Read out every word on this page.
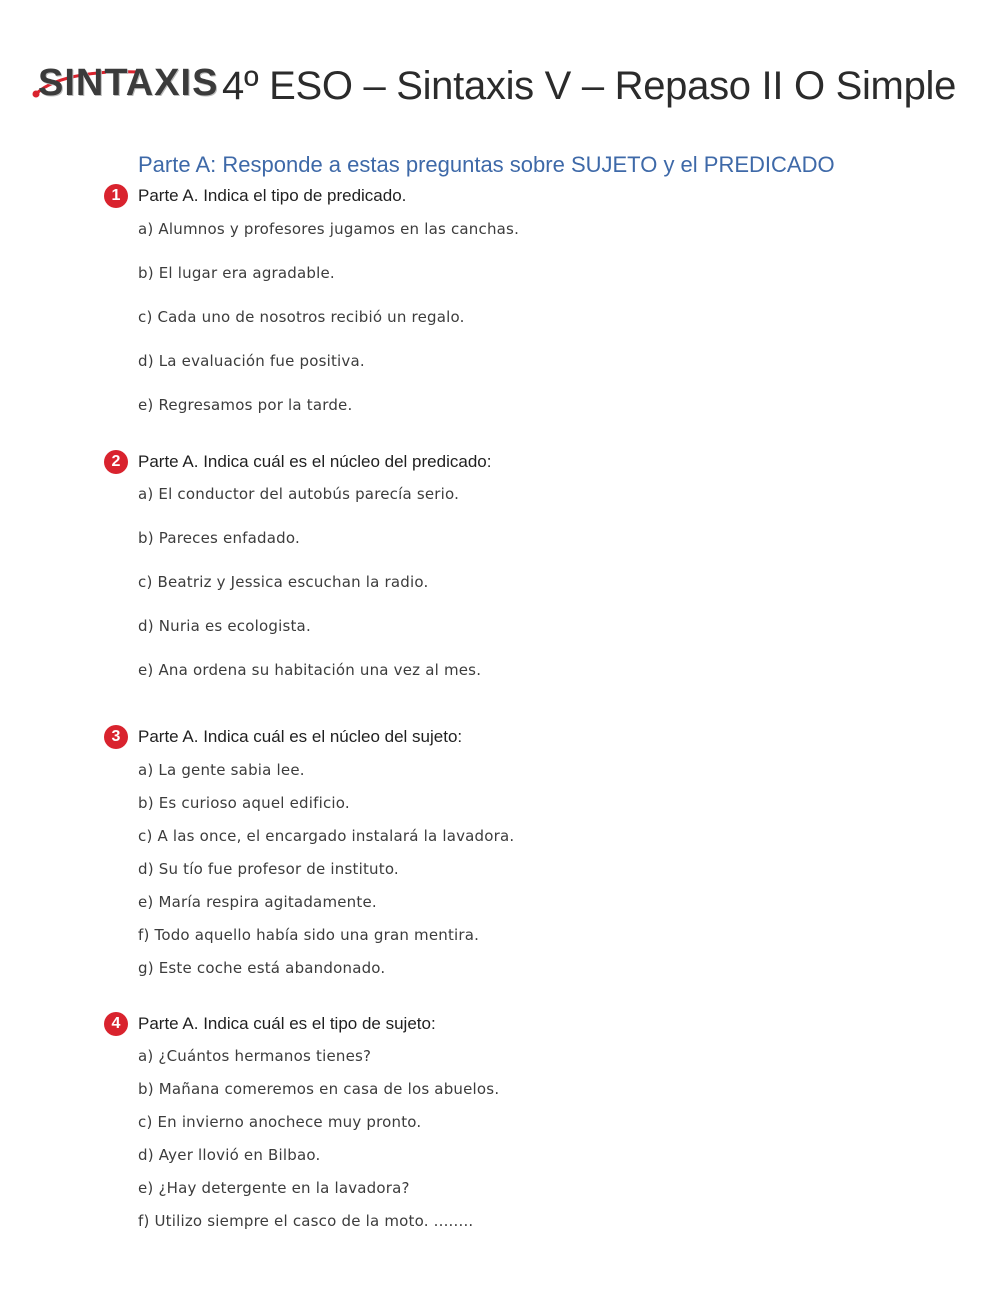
SINTAXIS 4º ESO – Sintaxis V – Repaso II O Simple
Parte A: Responde a estas preguntas sobre SUJETO y el PREDICADO
1	Parte A. Indica el tipo de predicado.
a) Alumnos y profesores jugamos en las canchas.
b) El lugar era agradable.
c) Cada uno de nosotros recibió un regalo.
d) La evaluación fue positiva.
e) Regresamos por la tarde.
2	Parte A. Indica cuál es el núcleo del predicado:
a) El conductor del autobús parecía serio.
b) Pareces enfadado.
c) Beatriz y Jessica escuchan la radio.
d) Nuria es ecologista.
e) Ana ordena su habitación una vez al mes.
3	Parte A. Indica cuál es el núcleo del sujeto:
a) La gente sabia lee.
b) Es curioso aquel edificio.
c) A las once, el encargado instalará la lavadora.
d) Su tío fue profesor de instituto.
e) María respira agitadamente.
f) Todo aquello había sido una gran mentira.
g) Este coche está abandonado.
4	Parte A. Indica cuál es el tipo de sujeto:
a) ¿Cuántos hermanos tienes?
b) Mañana comeremos en casa de los abuelos.
c) En invierno anochece muy pronto.
d) Ayer llovió en Bilbao.
e) ¿Hay detergente en la lavadora?
f) Utilizo siempre el casco de la moto. ........
